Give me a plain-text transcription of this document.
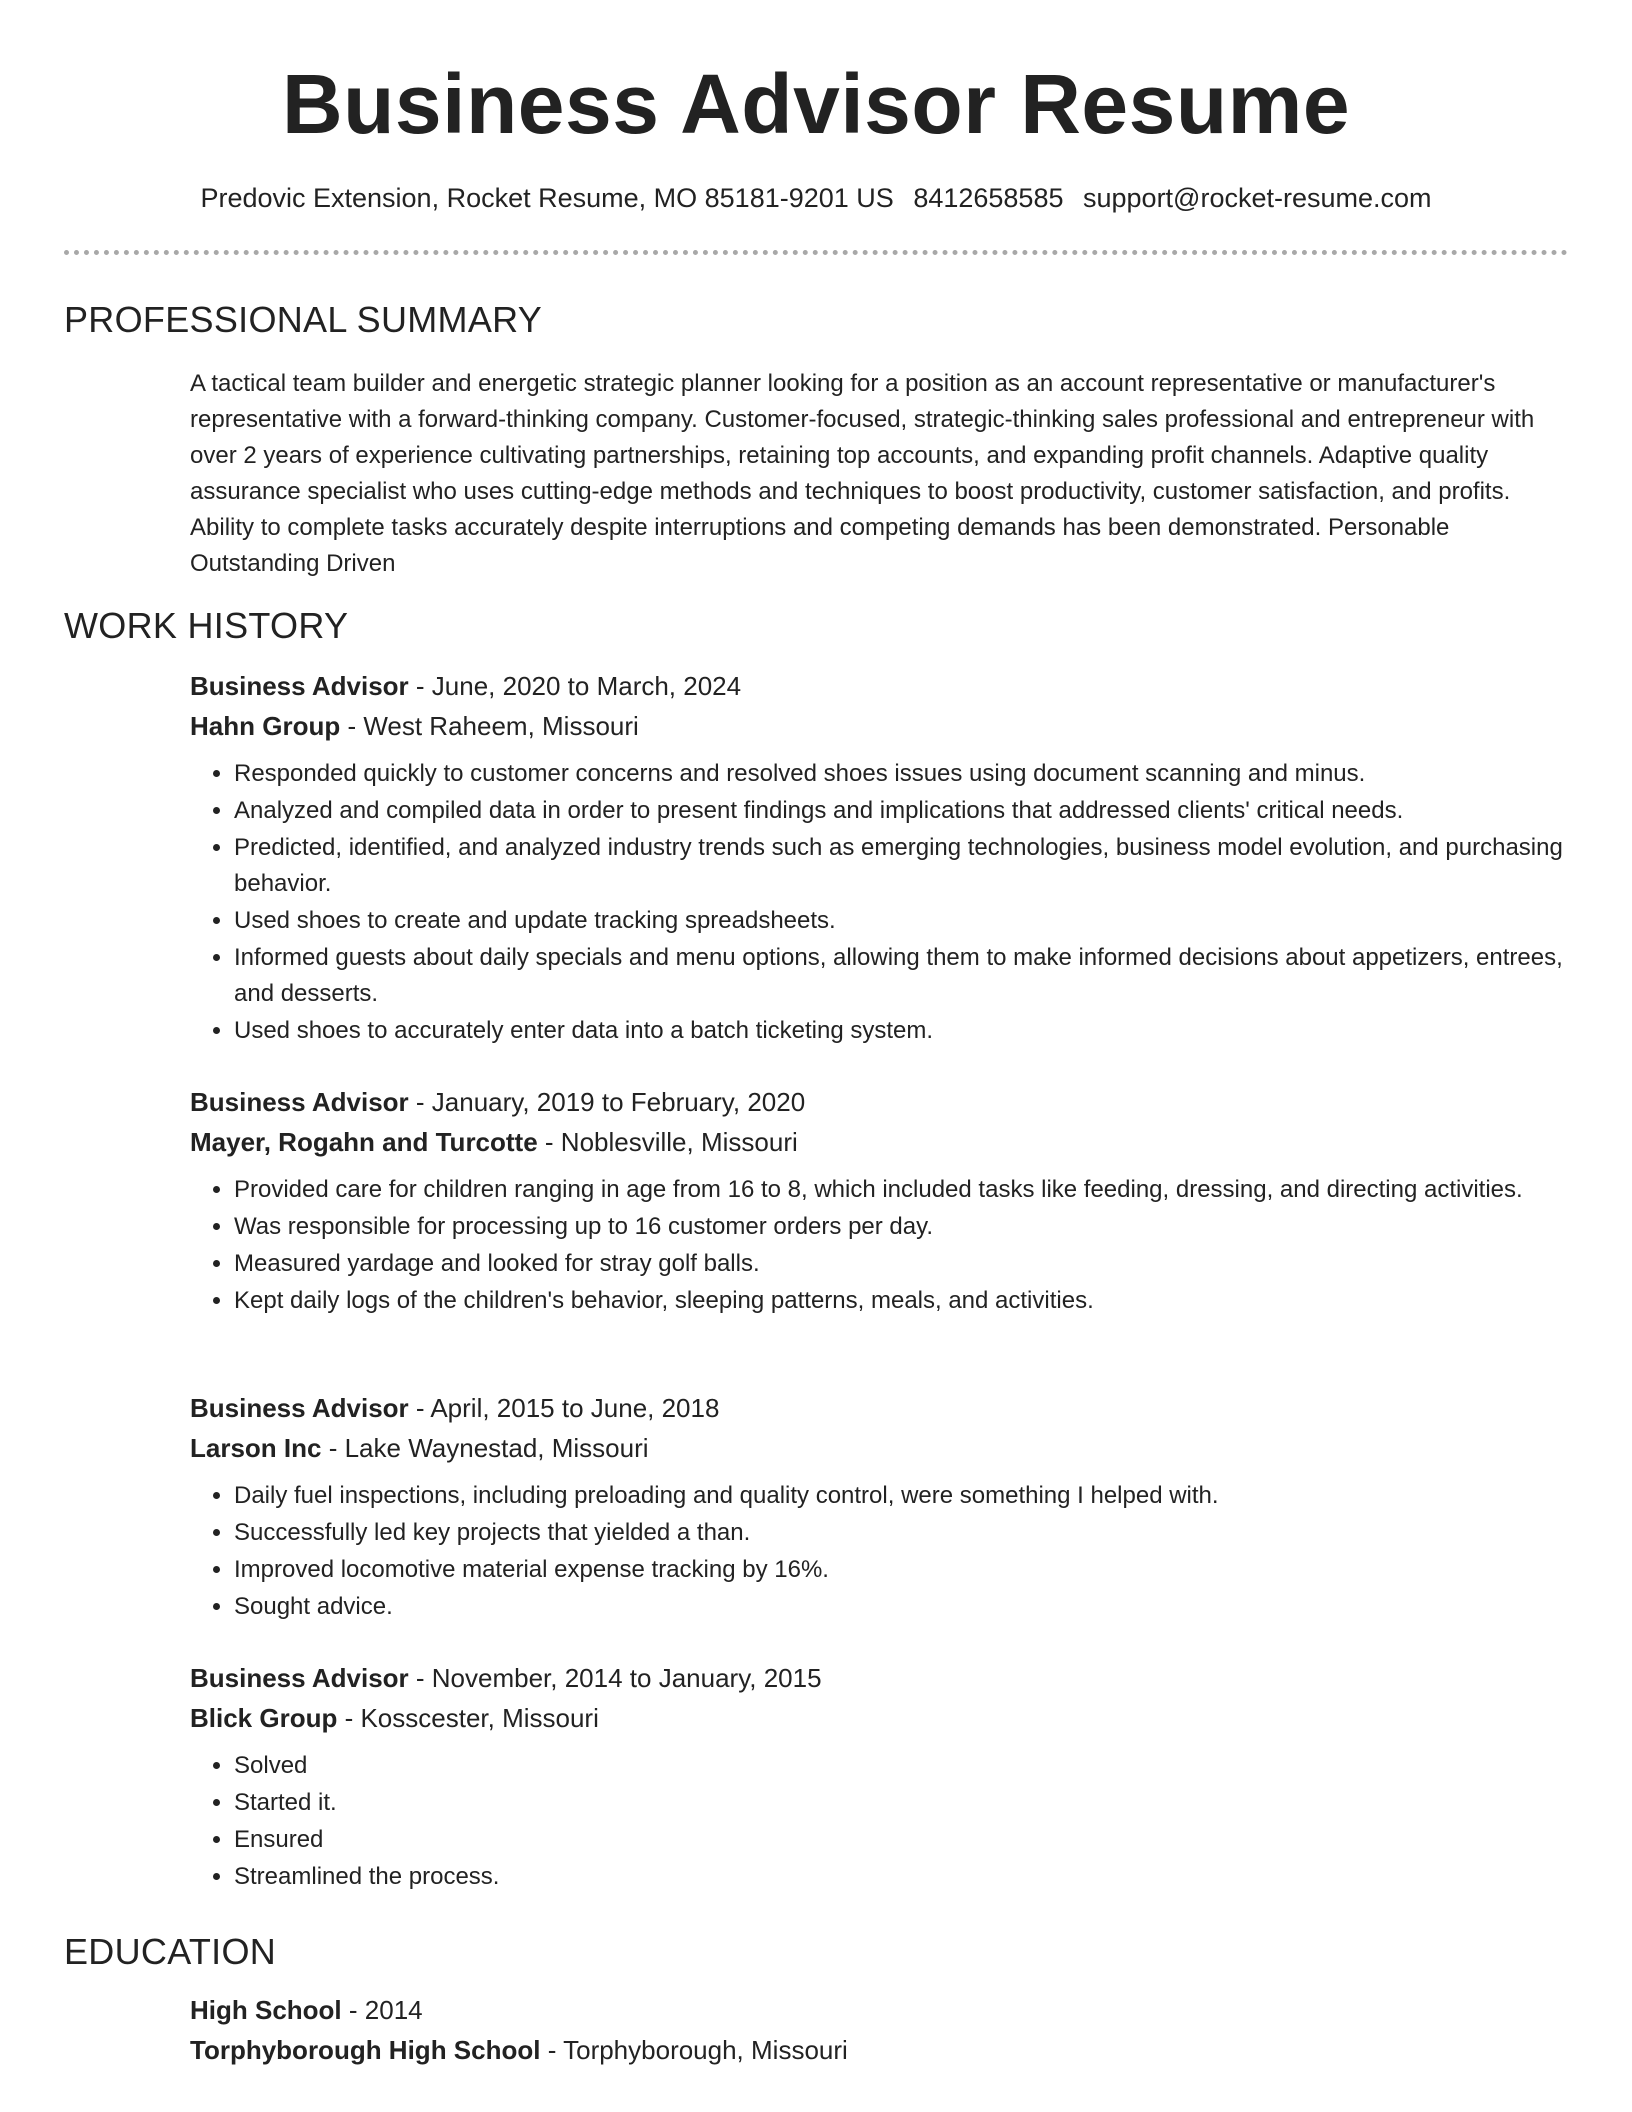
Business Advisor Resume
Predovic Extension, Rocket Resume, MO 85181-9201 US 8412658585 support@rocket-resume.com
PROFESSIONAL SUMMARY

A tactical team builder and energetic strategic planner looking for a position as an account representative or manufacturer's representative with a forward-thinking company. Customer-focused, strategic-thinking sales professional and entrepreneur with over 2 years of experience cultivating partnerships, retaining top accounts, and expanding profit channels. Adaptive quality assurance specialist who uses cutting-edge methods and techniques to boost productivity, customer satisfaction, and profits. Ability to complete tasks accurately despite interruptions and competing demands has been demonstrated. Personable Outstanding Driven

WORK HISTORY

Business Advisor - June, 2020 to March, 2024

Hahn Group - West Raheem, Missouri

• Responded quickly to customer concerns and resolved shoes issues using document scanning and minus.
• Analyzed and compiled data in order to present findings and implications that addressed clients' critical needs.
• Predicted, identified, and analyzed industry trends such as emerging technologies, business model evolution, and purchasing behavior.
• Used shoes to create and update tracking spreadsheets.
• Informed guests about daily specials and menu options, allowing them to make informed decisions about appetizers, entrees, and desserts.
• Used shoes to accurately enter data into a batch ticketing system.

Business Advisor - January, 2019 to February, 2020

Mayer, Rogahn and Turcotte - Noblesville, Missouri

• Provided care for children ranging in age from 16 to 8, which included tasks like feeding, dressing, and directing activities.
• Was responsible for processing up to 16 customer orders per day.
• Measured yardage and looked for stray golf balls.
• Kept daily logs of the children's behavior, sleeping patterns, meals, and activities.

Business Advisor - April, 2015 to June, 2018

Larson Inc - Lake Waynestad, Missouri

• Daily fuel inspections, including preloading and quality control, were something I helped with.
• Successfully led key projects that yielded a than.
• Improved locomotive material expense tracking by 16%.
• Sought advice.

Business Advisor - November, 2014 to January, 2015

Blick Group - Kosscester, Missouri

• Solved
• Started it.
• Ensured
• Streamlined the process.
EDUCATION

High School - 2014

Torphyborough High School - Torphyborough, Missouri
